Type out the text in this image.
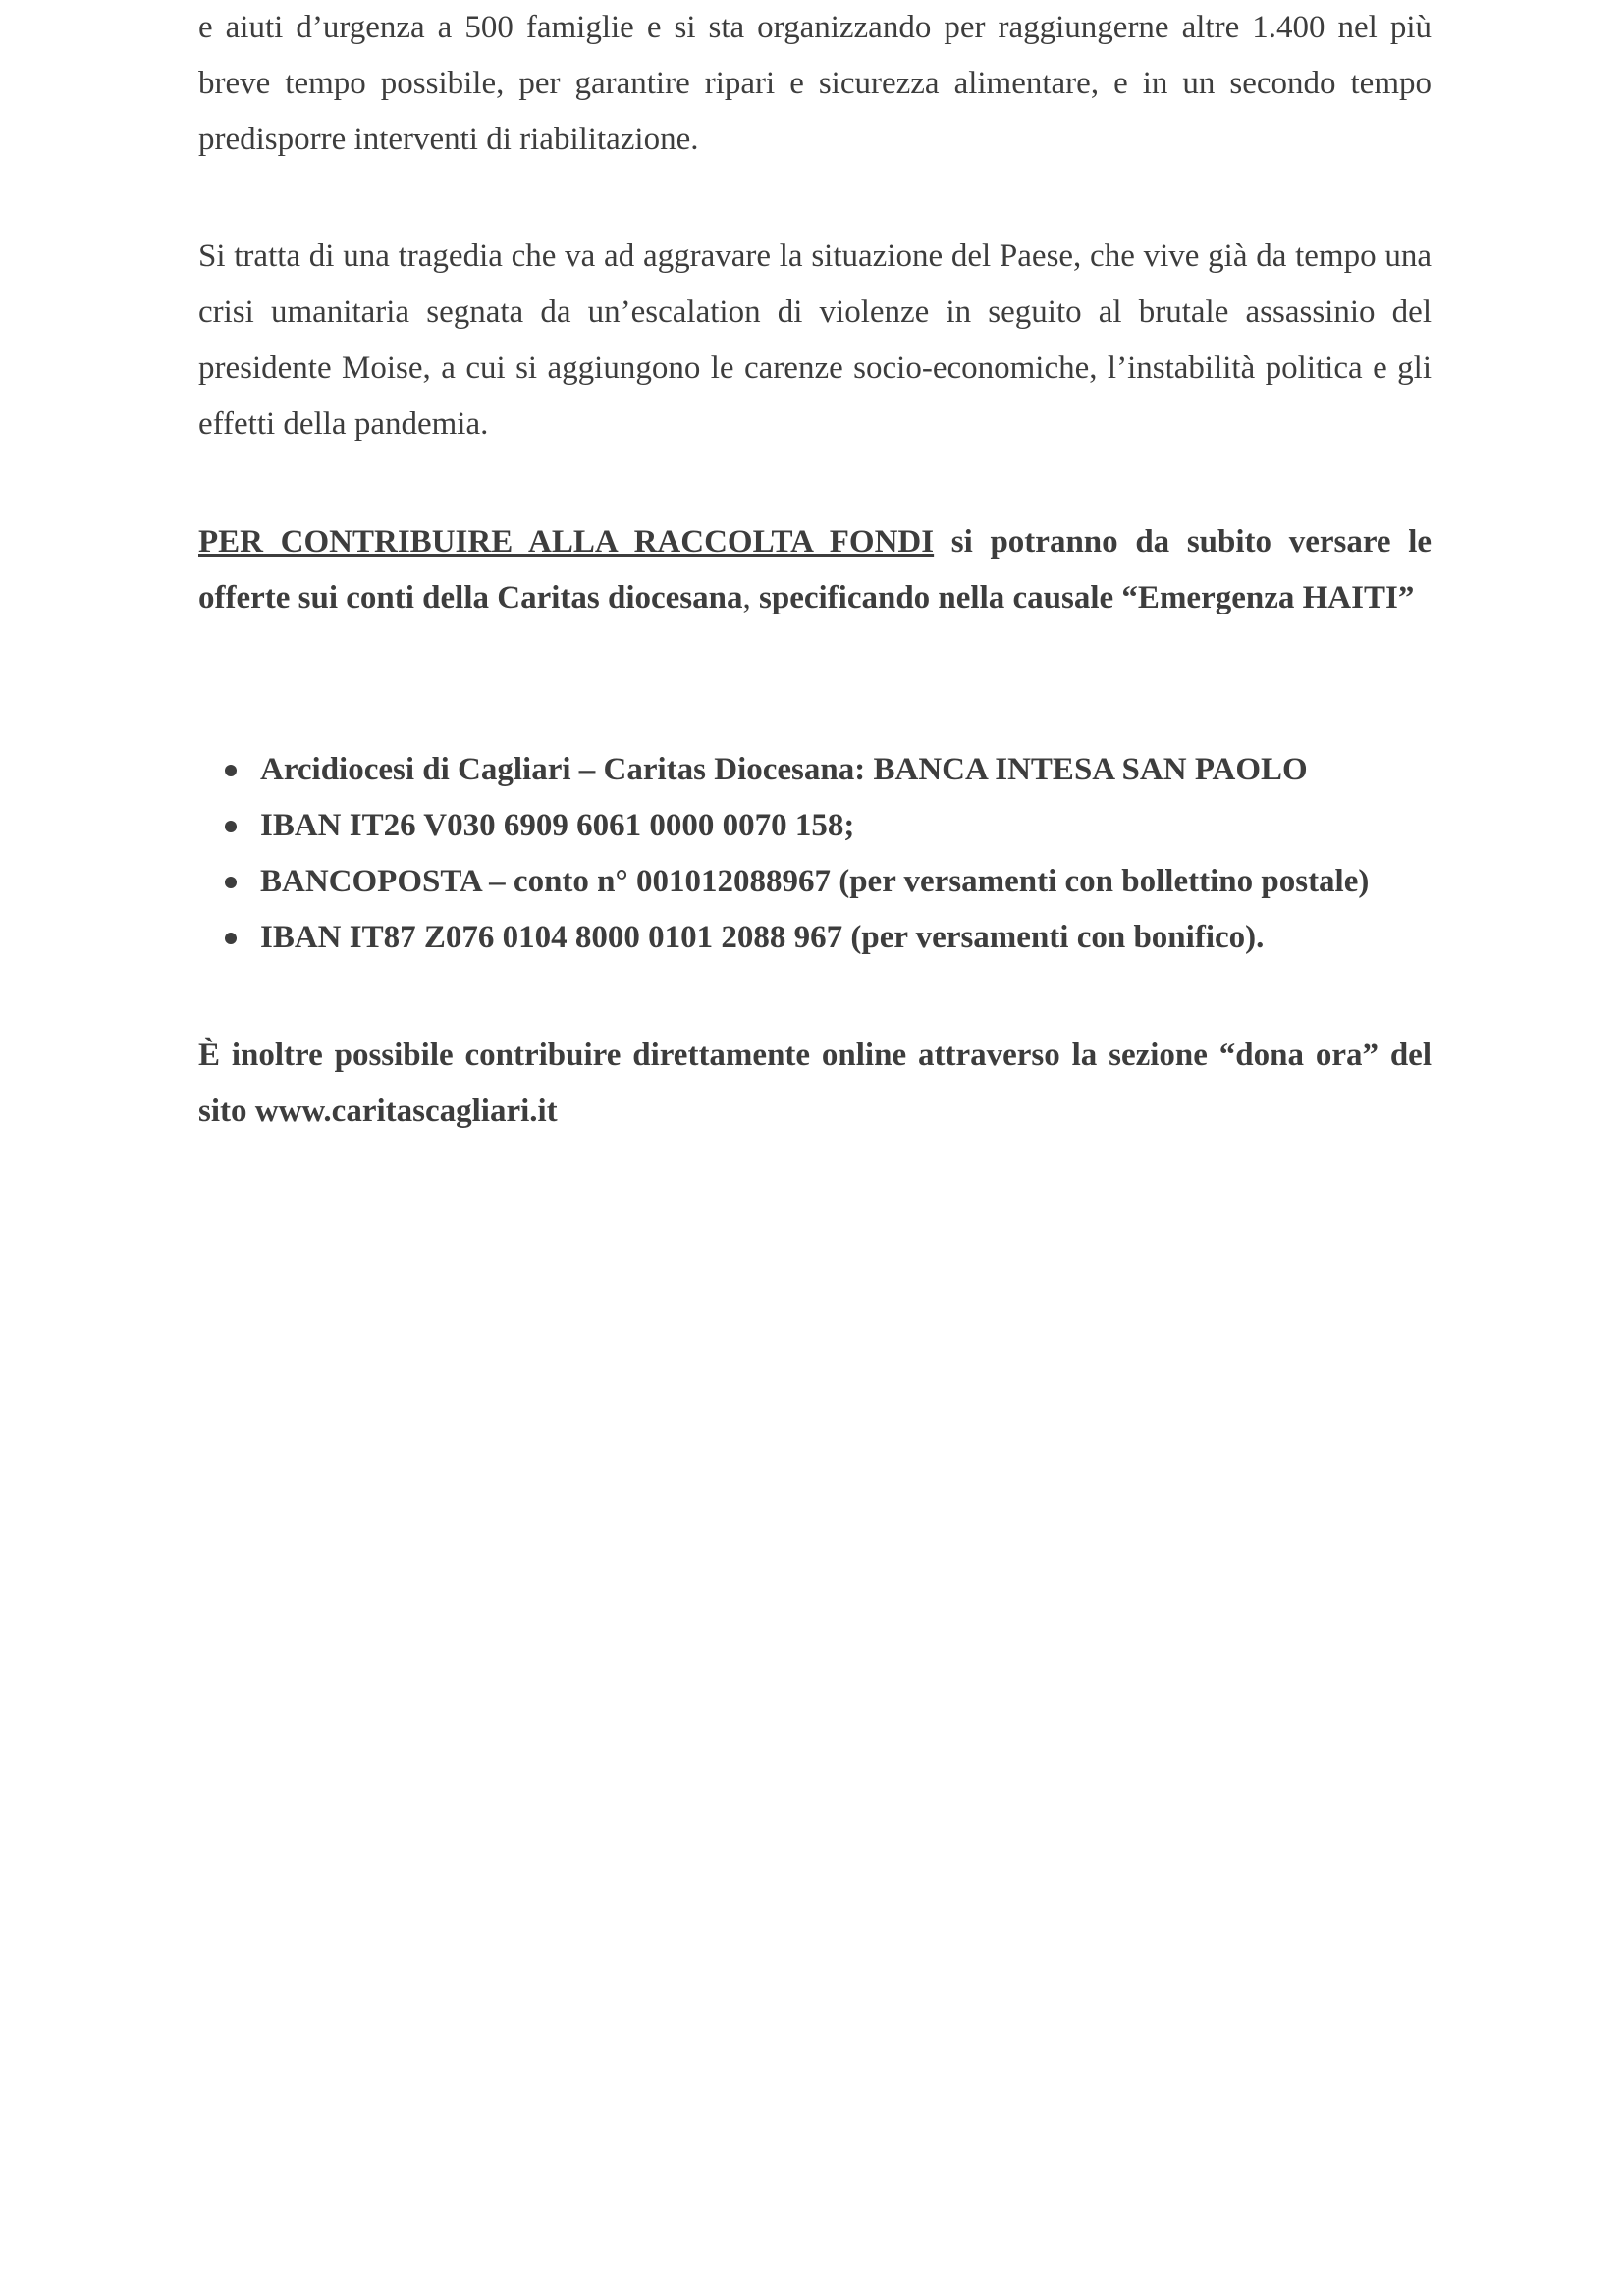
e aiuti d’urgenza a 500 famiglie e si sta organizzando per raggiungerne altre 1.400 nel più breve tempo possibile, per garantire ripari e sicurezza alimentare, e in un secondo tempo predisporre interventi di riabilitazione.

Si tratta di una tragedia che va ad aggravare la situazione del Paese, che vive già da tempo una crisi umanitaria segnata da un’escalation di violenze in seguito al brutale assassinio del presidente Moise, a cui si aggiungono le carenze socio-economiche, l’instabilità politica e gli effetti della pandemia.

PER CONTRIBUIRE ALLA RACCOLTA FONDI si potranno da subito versare le offerte sui conti della Caritas diocesana, specificando nella causale “Emergenza HAITI”

Arcidiocesi di Cagliari – Caritas Diocesana: BANCA INTESA SAN PAOLO
IBAN IT26 V030 6909 6061 0000 0070 158;
BANCOPOSTA – conto n° 001012088967 (per versamenti con bollettino postale)
IBAN IT87 Z076 0104 8000 0101 2088 967 (per versamenti con bonifico).

È inoltre possibile contribuire direttamente online attraverso la sezione “dona ora” del sito www.caritascagliari.it
